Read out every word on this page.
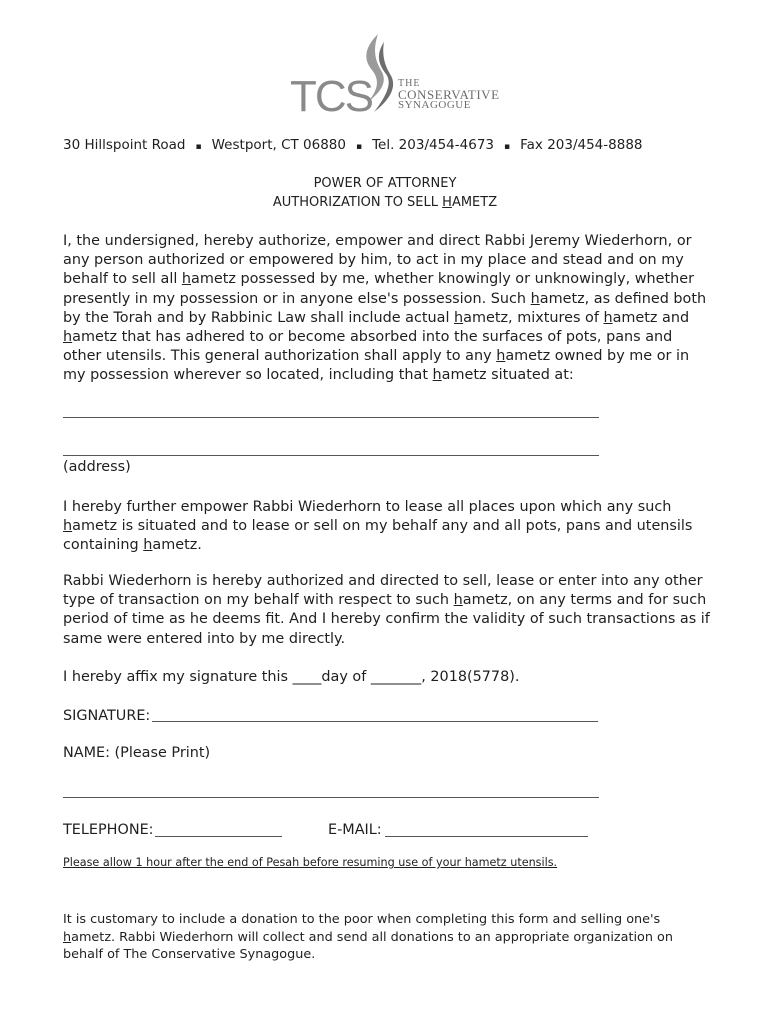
TCS	THE
CONSERVATIVE
SYNAGOGUE
30 Hillspoint Road ▪ Westport, CT 06880 ▪ Tel. 203/454-4673 ▪ Fax 203/454-8888
POWER OF ATTORNEY
AUTHORIZATION TO SELL HAMETZ
I, the undersigned, hereby authorize, empower and direct Rabbi Jeremy Wiederhorn, or any person authorized or empowered by him, to act in my place and stead and on my behalf to sell all hametz possessed by me, whether knowingly or unknowingly, whether presently in my possession or in anyone else's possession. Such hametz, as defined both by the Torah and by Rabbinic Law shall include actual hametz, mixtures of hametz and hametz that has adhered to or become absorbed into the surfaces of pots, pans and other utensils. This general authorization shall apply to any hametz owned by me or in my possession wherever so located, including that hametz situated at:
(address)
I hereby further empower Rabbi Wiederhorn to lease all places upon which any such hametz is situated and to lease or sell on my behalf any and all pots, pans and utensils containing hametz.
Rabbi Wiederhorn is hereby authorized and directed to sell, lease or enter into any other type of transaction on my behalf with respect to such hametz, on any terms and for such period of time as he deems fit. And I hereby confirm the validity of such transactions as if same were entered into by me directly.
I hereby affix my signature this ____day of _______, 2018(5778).
SIGNATURE:
NAME: (Please Print)
TELEPHONE:	E-MAIL:
Please allow 1 hour after the end of Pesah before resuming use of your hametz utensils.
It is customary to include a donation to the poor when completing this form and selling one's hametz. Rabbi Wiederhorn will collect and send all donations to an appropriate organization on behalf of The Conservative Synagogue.
